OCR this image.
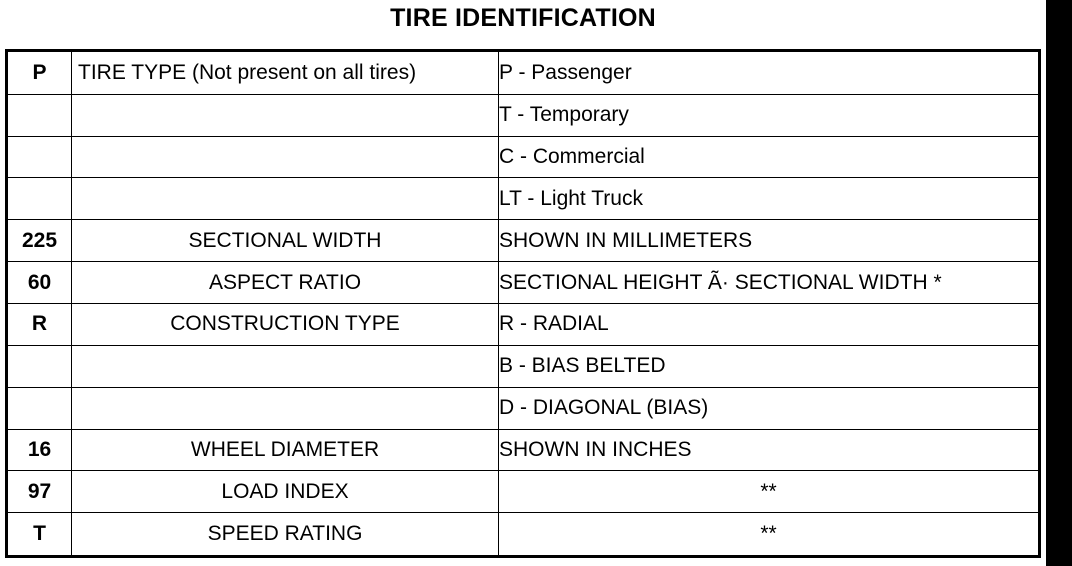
TIRE IDENTIFICATION
P	TIRE TYPE (Not present on all tires)	P - Passenger
		T - Temporary
		C - Commercial
		LT - Light Truck
225	SECTIONAL WIDTH	SHOWN IN MILLIMETERS
60	ASPECT RATIO	SECTIONAL HEIGHT Ã· SECTIONAL WIDTH *
R	CONSTRUCTION TYPE	R - RADIAL
		B - BIAS BELTED
		D - DIAGONAL (BIAS)
16	WHEEL DIAMETER	SHOWN IN INCHES
97	LOAD INDEX	**
T	SPEED RATING	**
